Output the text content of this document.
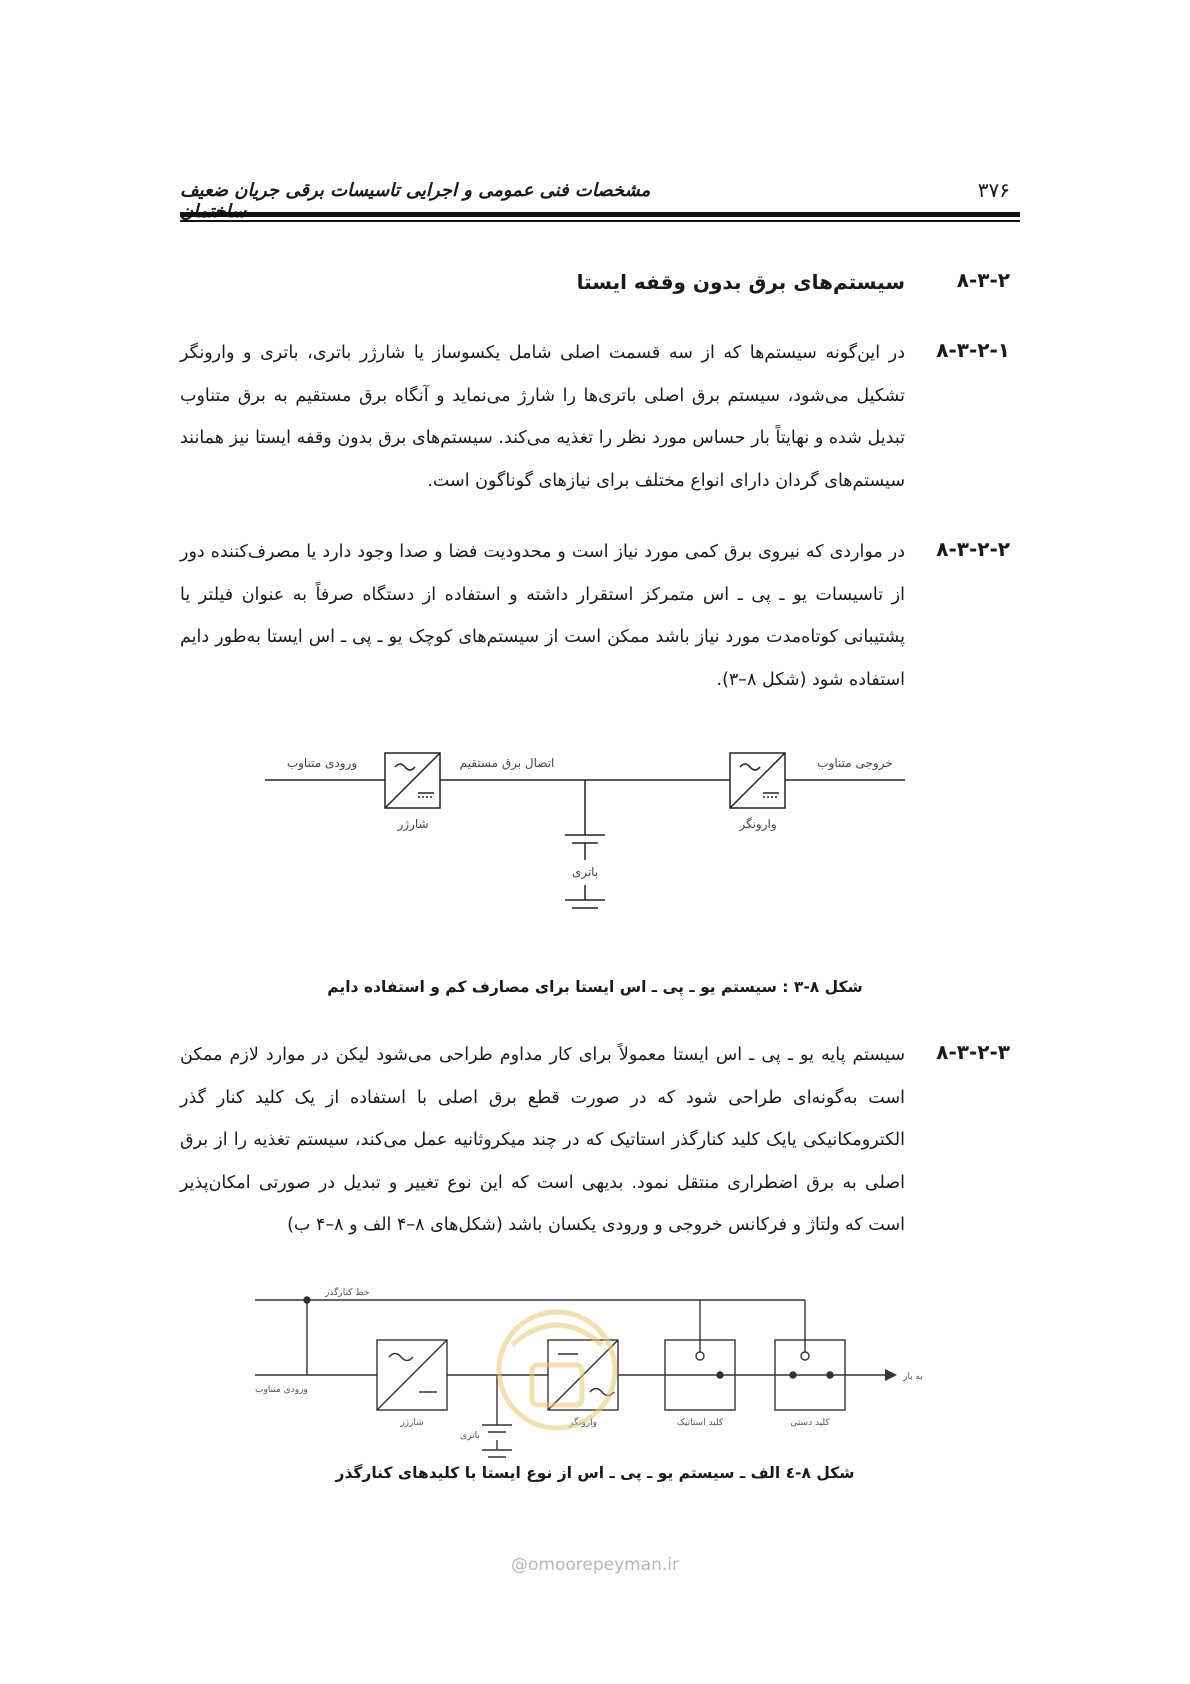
۳۷۶
مشخصات فنی عمومی و اجرایی تاسیسات برقی جریان ضعیف
۸-۳-۲
سیستم‌های برق بدون وقفه ایستا
۸-۳-۲-۱
در این‌گونه سیستم‌ها که از سه قسمت اصلی شامل یکسوساز یا شارژر باتری، باتری و وارونگر تشکیل می‌شود، سیستم برق اصلی باتری‌ها را شارژ می‌نماید و آنگاه برق مستقیم به برق متناوب تبدیل شده و نهایتاً بار حساس مورد نظر را تغذیه می‌کند. سیستم‌های برق بدون وقفه ایستا نیز همانند سیستم‌های گردان دارای انواع مختلف برای نیازهای گوناگون است.
۸-۳-۲-۲
در مواردی که نیروی برق کمی مورد نیاز است و محدودیت فضا و صدا وجود دارد یا مصرف‌کننده دور از تاسیسات یو ـ پی ـ اس متمرکز استقرار داشته و استفاده از دستگاه صرفاً به عنوان فیلتر یا پشتیبانی کوتاه‌مدت مورد نیاز باشد ممکن است از سیستم‌های کوچک یو ـ پی ـ اس ایستا به‌طور دایم استفاده شود (شکل ۸–۳).
ورودی متناوب	اتصال برق مستقیم	خروجی متناوب
شارژر	وارونگر
باتری
شکل ۸-۳ : سیستم یو ـ پی ـ اس ایستا برای مصارف کم و استفاده دایم
۸-۳-۲-۳
سیستم پایه یو ـ پی ـ اس ایستا معمولاً برای کار مداوم طراحی می‌شود لیکن در موارد لازم ممکن است به‌گونه‌ای طراحی شود که در صورت قطع برق اصلی با استفاده از یک کلید کنار گذر الکترومکانیکی یایک کلید کنارگذر استاتیک که در چند میکروثانیه عمل می‌کند، سیستم تغذیه را از برق اصلی به برق اضطراری منتقل نمود. بدیهی است که این نوع تغییر و تبدیل در صورتی امکان‌پذیر است که ولتاژ و فرکانس خروجی و ورودی یکسان باشد (شکل‌های ۸–۴ الف و ۸–۴ ب)
خط کنارگذر
ورودی متناوب
شارژر
باتری
وارونگر	کلید استاتیک	کلید دستی
به بار
شکل ۸-٤ الف ـ سیستم یو ـ پی ـ اس از نوع ایستا با کلیدهای کنارگذر
@omoorepeyman.ir
